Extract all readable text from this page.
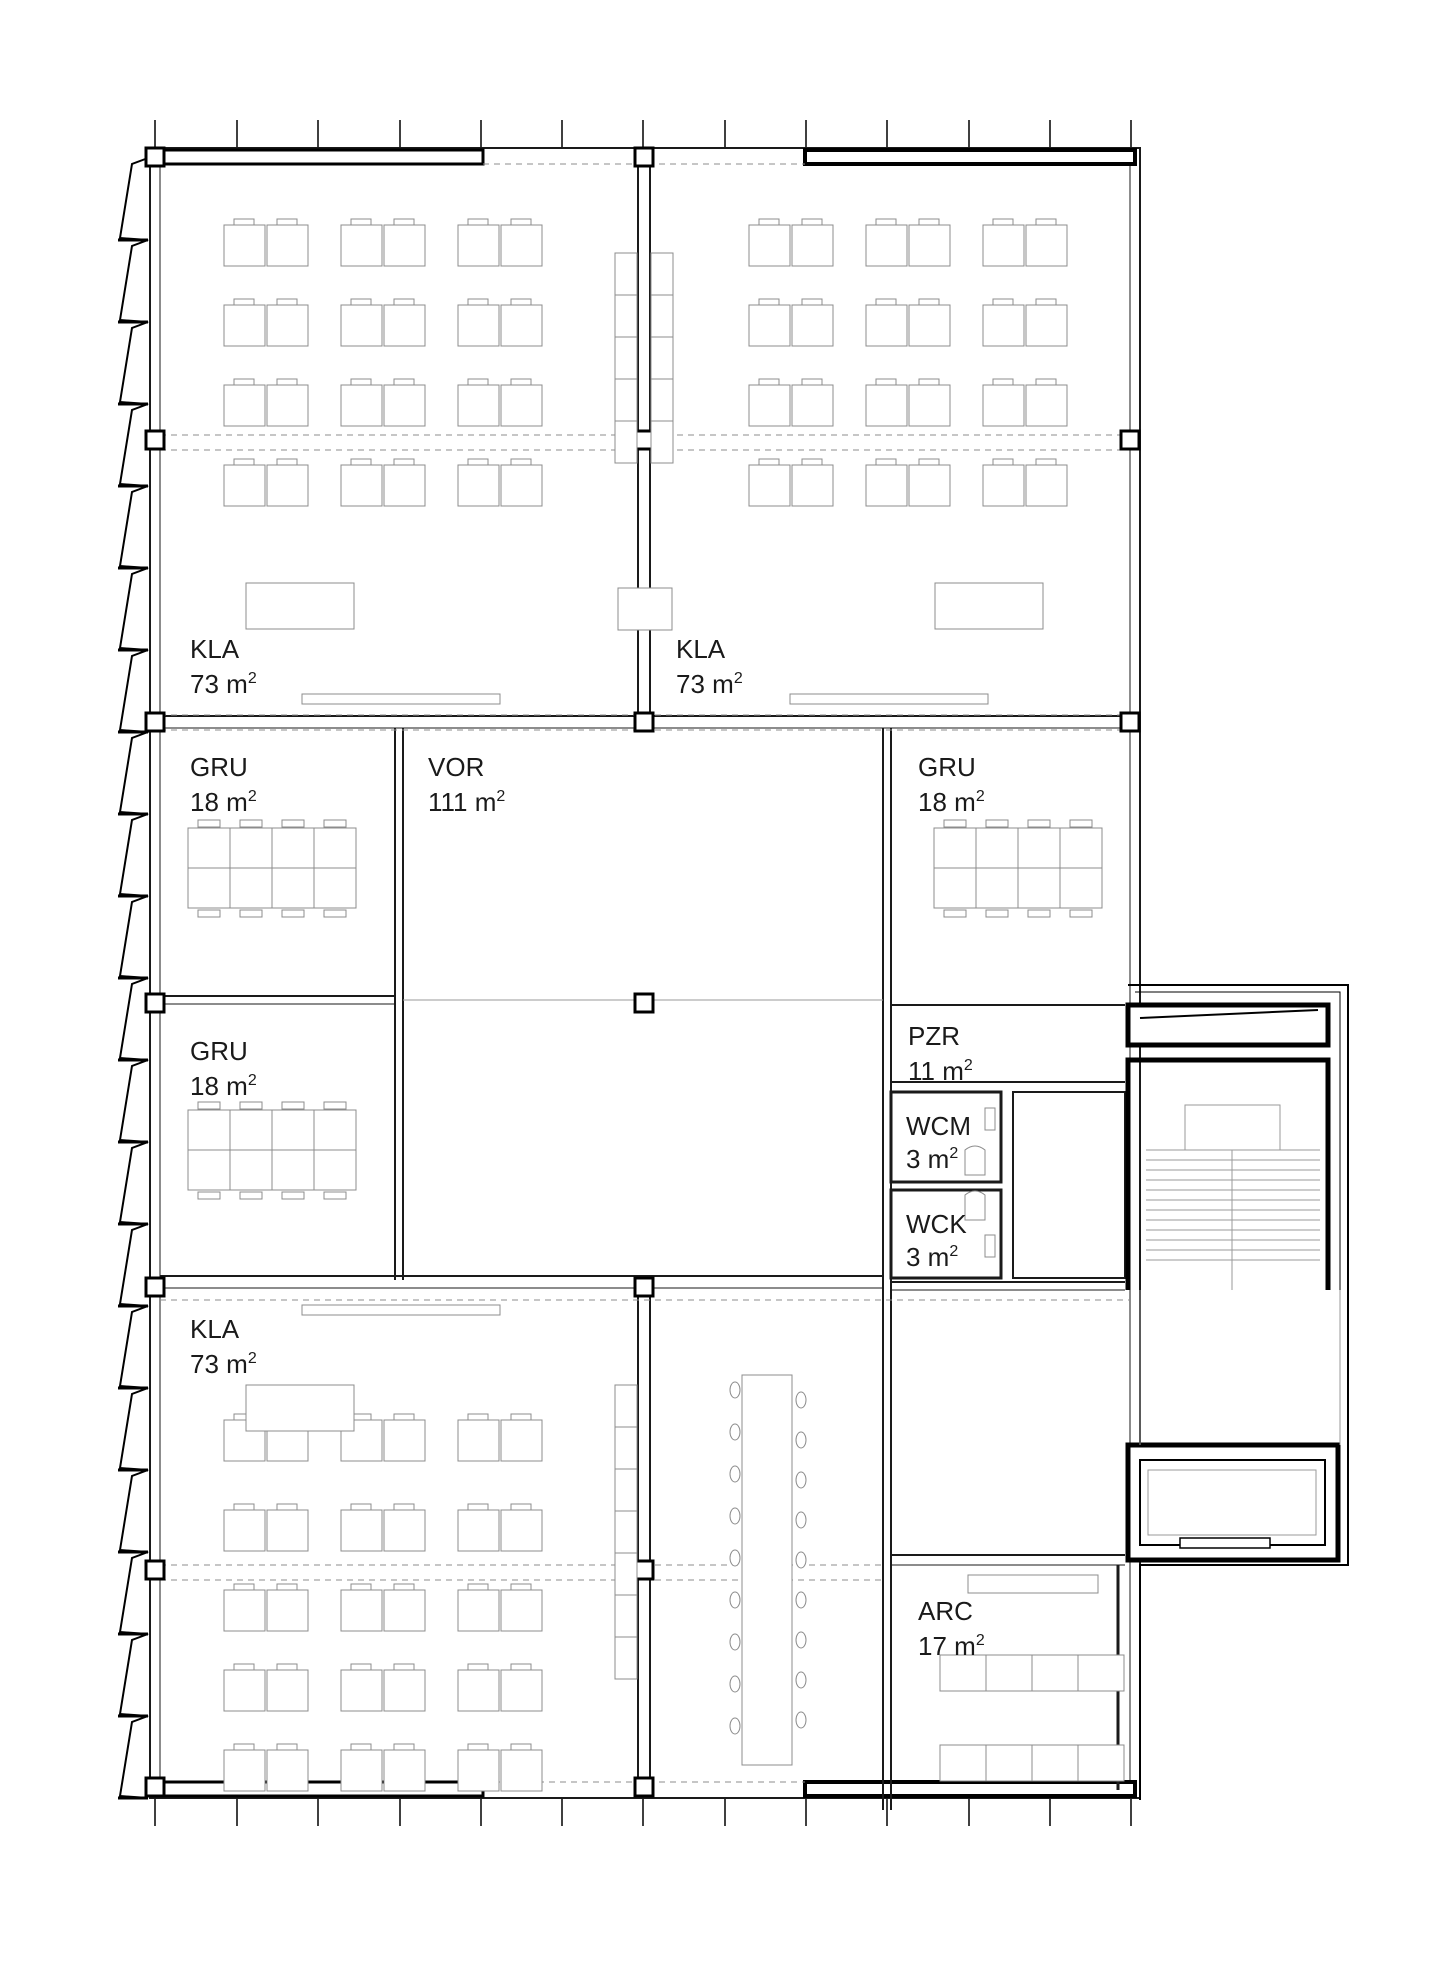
KLA
73 $m^2$
KLA
73 $m^2$
GRU
18 $m^2$
VOR
111 $m^2$
GRU
18 $m^2$
GRU
18 $m^2$
PZR
11 $m^2$
WCM
3 $m^2$
WCK
3 $m^2$
KLA
73 $m^2$
ARC
17 $m^2$
